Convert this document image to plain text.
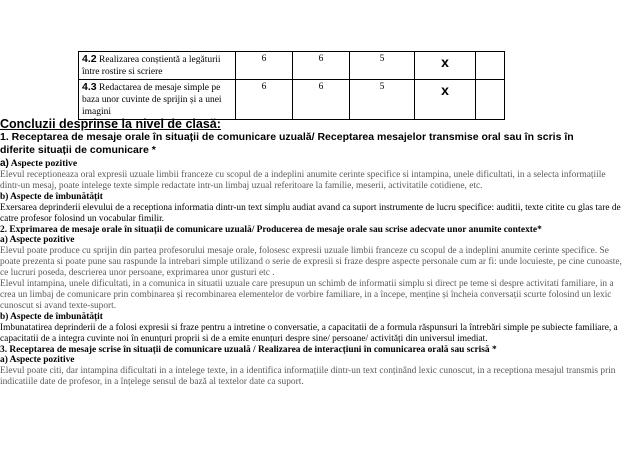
4.2 Realizarea conștientă a legăturii între rostire si scriere	6	6	5	x	
4.3 Redactarea de mesaje simple pe baza unor cuvinte de sprijin și a unei imagini	6	6	5	x	

Concluzii desprinse la nivel de clasă:

1. Receptarea de mesaje orale în situații de comunicare uzuală/ Receptarea mesajelor transmise oral sau în scris în
diferite situații de comunicare *

a) Aspecte pozitive

Elevul receptioneaza oral expresii uzuale limbii franceze cu scopul de a indeplini anumite cerinte specifice si intampina, unele dificultati, in a selecta informațiile dintr-un mesaj, poate intelege texte simple redactate intr-un limbaj uzual referitoare la familie, meserii, activitatile cotidiene, etc.

b) Aspecte de îmbunătățit

Exersarea deprinderii elevului de a receptiona informatia dintr-un text simplu audiat avand ca suport instrumente de lucru specifice: auditii, texte citite cu glas tare de catre profesor folosind un vocabular fimilir.

2. Exprimarea de mesaje orale în situații de comunicare uzuală/ Producerea de mesaje orale sau scrise adecvate unor anumite contexte*

a) Aspecte pozitive

Elevul poate produce cu sprijin din partea profesorului mesaje orale, folosesc expresii uzuale limbii franceze cu scopul de a indeplini anumite cerinte specifice. Se poate prezenta si poate pune sau raspunde la intrebari simple utilizand o serie de expresii si fraze despre aspecte personale cum ar fi: unde locuieste, pe cine cunoaste, ce lucruri poseda, descrierea unor persoane, exprimarea unor gusturi etc .

Elevul intampina, unele dificultati, in a comunica in situatii uzuale care presupun un schimb de informatii simplu si direct pe teme si despre activitati familiare, in a crea un limbaj de comunicare prin combinarea și recombinarea elementelor de vorbire familiare, in a începe, menține și încheia conversații scurte folosind un lexic cunoscut si avand texte-suport.

b) Aspecte de îmbunătățit

Imbunatatirea deprinderii de a folosi expresii si fraze pentru a intretine o conversatie, a capacitatii de a formula răspunsuri la întrebări simple pe subiecte familiare, a capacitatii de a integra cuvinte noi în enunțuri proprii si de a emite enunțuri despre sine/ persoane/ activități din universul imediat.

3. Receptarea de mesaje scrise în situații de comunicare uzuală / Realizarea de interacțiuni în comunicarea orală sau scrisă *

a) Aspecte pozitive

Elevul poate citi, dar intampina dificultati in a intelege texte, in a identifica informațiile dintr-un text conținând lexic cunoscut, in a receptiona mesajul transmis prin indicatiile date de profesor, in a înțelege sensul de bază al textelor date ca suport.
